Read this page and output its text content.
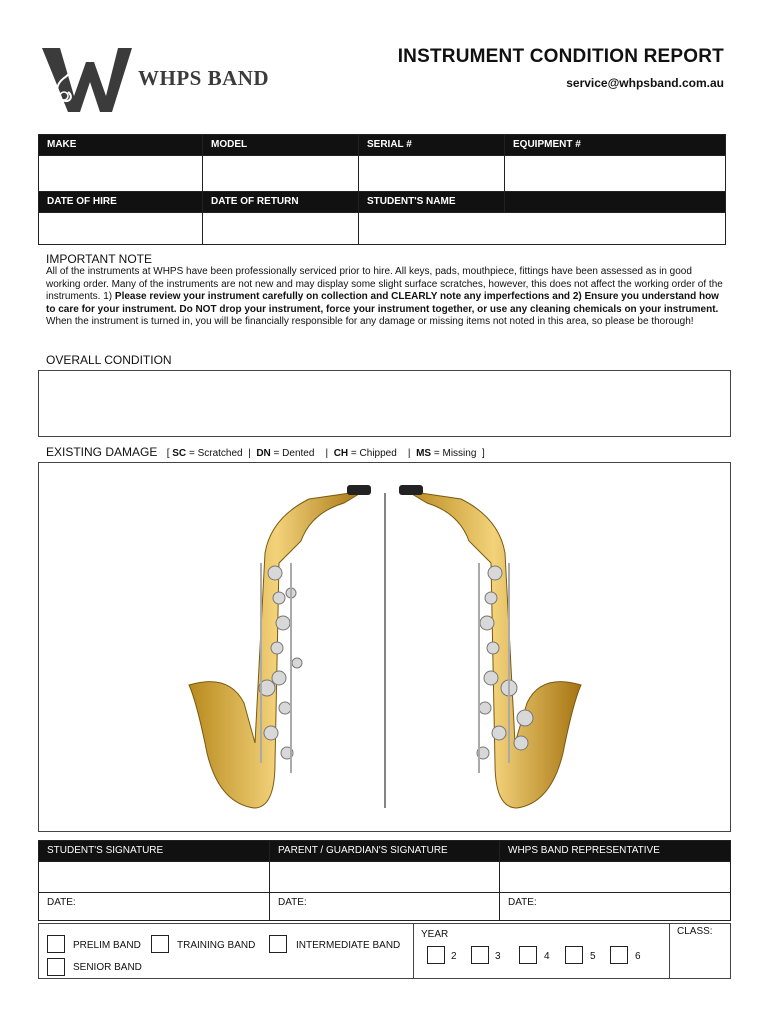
WHPS BAND
INSTRUMENT CONDITION REPORT
service@whpsband.com.au
MAKE	MODEL	SERIAL #	EQUIPMENT #

DATE OF HIRE	DATE OF RETURN	STUDENT'S NAME	

IMPORTANT NOTE
All of the instruments at WHPS have been professionally serviced prior to hire. All keys, pads, mouthpiece, fittings have been assessed as in good working order. Many of the instruments are not new and may display some slight surface scratches, however, this does not affect the working order of the instruments. 1) Please review your instrument carefully on collection and CLEARLY note any imperfections and 2) Ensure you understand how to care for your instrument. Do NOT drop your instrument, force your instrument together, or use any cleaning chemicals on your instrument. When the instrument is turned in, you will be financially responsible for any damage or missing items not noted in this area, so please be thorough!
OVERALL CONDITION
EXISTING DAMAGE [ SC = Scratched  |  DN = Dented    |  CH = Chipped    |  MS = Missing  ]
STUDENT'S SIGNATURE	PARENT / GUARDIAN'S SIGNATURE	WHPS BAND REPRESENTATIVE

DATE:	DATE:	DATE:
PRELIM BAND	TRAINING BAND	INTERMEDIATE BAND
SENIOR BAND
YEAR
2	3	4	5	6
CLASS:
